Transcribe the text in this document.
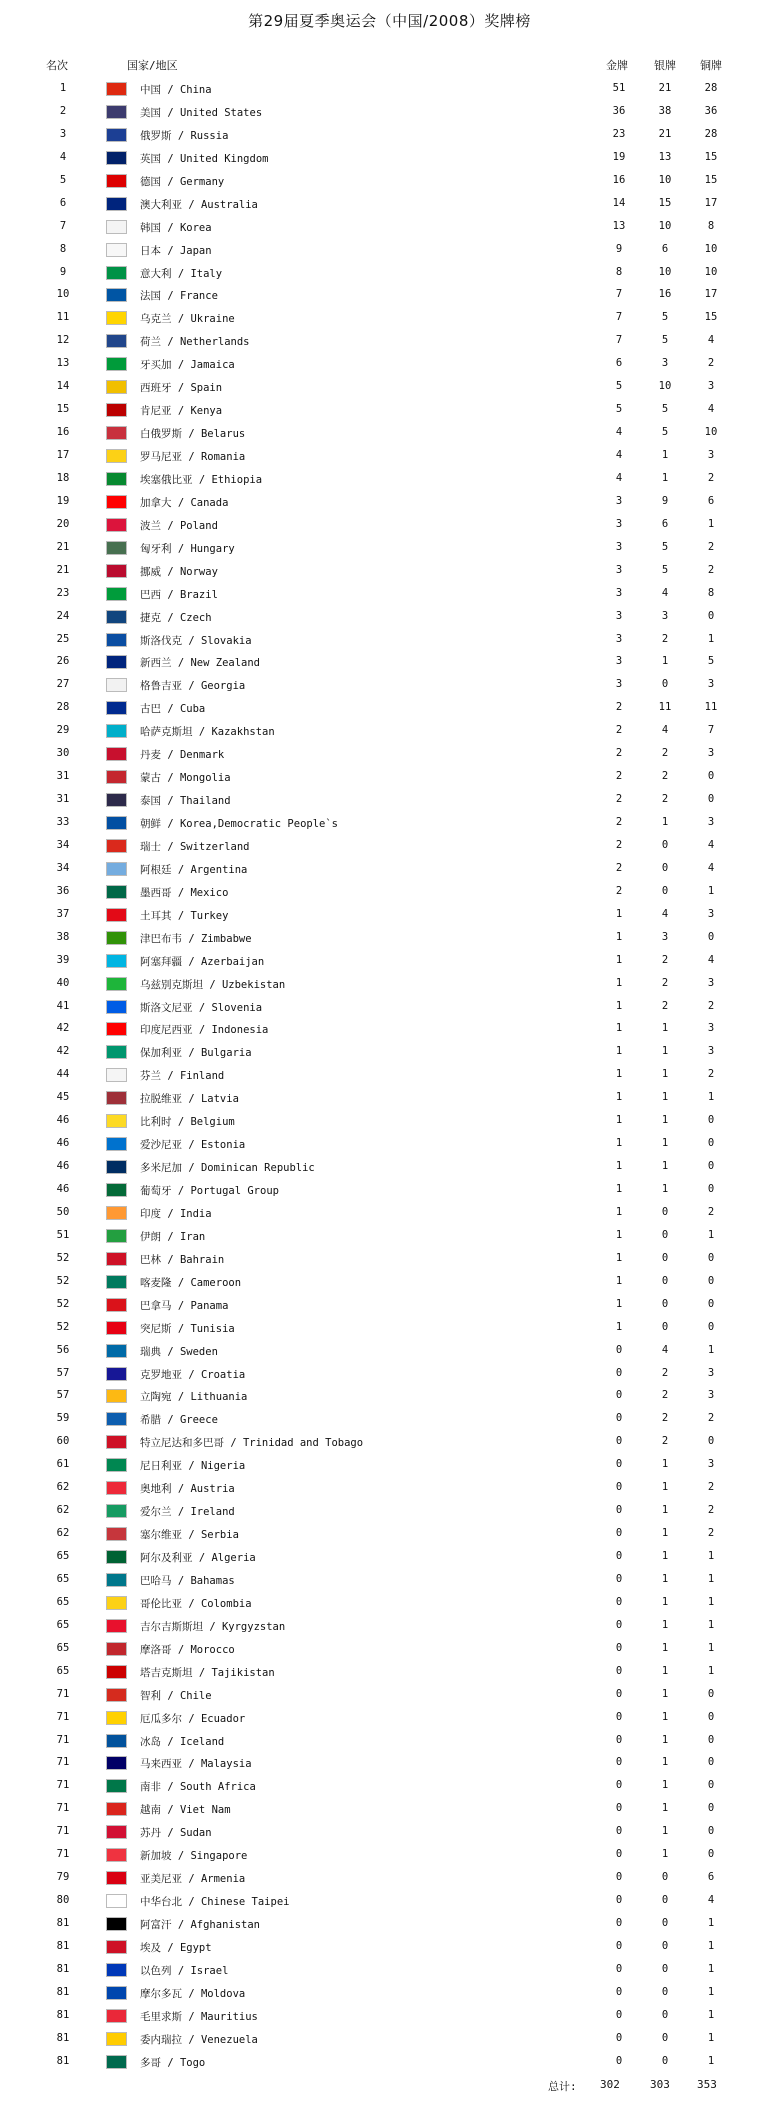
第29届夏季奥运会（中国/2008）奖牌榜
名次	国家/地区	金牌 银牌 铜牌
1	中国 / China	51	21	28
2	美国 / United States	36	38	36
3	俄罗斯 / Russia	23	21	28
4	英国 / United Kingdom	19	13	15
5	德国 / Germany	16	10	15
6	澳大利亚 / Australia	14	15	17
7	韩国 / Korea	13	10	8
8	日本 / Japan	9	6	10
9	意大利 / Italy	8	10	10
10	法国 / France	7	16	17
11	乌克兰 / Ukraine	7	5	15
12	荷兰 / Netherlands	7	5	4
13	牙买加 / Jamaica	6	3	2
14	西班牙 / Spain	5	10	3
15	肯尼亚 / Kenya	5	5	4
16	白俄罗斯 / Belarus	4	5	10
17	罗马尼亚 / Romania	4	1	3
18	埃塞俄比亚 / Ethiopia	4	1	2
19	加拿大 / Canada	3	9	6
20	波兰 / Poland	3	6	1
21	匈牙利 / Hungary	3	5	2
21	挪威 / Norway	3	5	2
23	巴西 / Brazil	3	4	8
24	捷克 / Czech	3	3	0
25	斯洛伐克 / Slovakia	3	2	1
26	新西兰 / New Zealand	3	1	5
27	格鲁吉亚 / Georgia	3	0	3
28	古巴 / Cuba	2	11	11
29	哈萨克斯坦 / Kazakhstan	2	4	7
30	丹麦 / Denmark	2	2	3
31	蒙古 / Mongolia	2	2	0
31	泰国 / Thailand	2	2	0
33	朝鲜 / Korea,Democratic People`s	2	1	3
34	瑞士 / Switzerland	2	0	4
34	阿根廷 / Argentina	2	0	4
36	墨西哥 / Mexico	2	0	1
37	土耳其 / Turkey	1	4	3
38	津巴布韦 / Zimbabwe	1	3	0
39	阿塞拜疆 / Azerbaijan	1	2	4
40	乌兹别克斯坦 / Uzbekistan	1	2	3
41	斯洛文尼亚 / Slovenia	1	2	2
42	印度尼西亚 / Indonesia	1	1	3
42	保加利亚 / Bulgaria	1	1	3
44	芬兰 / Finland	1	1	2
45	拉脱维亚 / Latvia	1	1	1
46	比利时 / Belgium	1	1	0
46	爱沙尼亚 / Estonia	1	1	0
46	多米尼加 / Dominican Republic	1	1	0
46	葡萄牙 / Portugal Group	1	1	0
50	印度 / India	1	0	2
51	伊朗 / Iran	1	0	1
52	巴林 / Bahrain	1	0	0
52	喀麦隆 / Cameroon	1	0	0
52	巴拿马 / Panama	1	0	0
52	突尼斯 / Tunisia	1	0	0
56	瑞典 / Sweden	0	4	1
57	克罗地亚 / Croatia	0	2	3
57	立陶宛 / Lithuania	0	2	3
59	希腊 / Greece	0	2	2
60	特立尼达和多巴哥 / Trinidad and Tobago	0	2	0
61	尼日利亚 / Nigeria	0	1	3
62	奥地利 / Austria	0	1	2
62	爱尔兰 / Ireland	0	1	2
62	塞尔维亚 / Serbia	0	1	2
65	阿尔及利亚 / Algeria	0	1	1
65	巴哈马 / Bahamas	0	1	1
65	哥伦比亚 / Colombia	0	1	1
65	吉尔吉斯斯坦 / Kyrgyzstan	0	1	1
65	摩洛哥 / Morocco	0	1	1
65	塔吉克斯坦 / Tajikistan	0	1	1
71	智利 / Chile	0	1	0
71	厄瓜多尔 / Ecuador	0	1	0
71	冰岛 / Iceland	0	1	0
71	马来西亚 / Malaysia	0	1	0
71	南非 / South Africa	0	1	0
71	越南 / Viet Nam	0	1	0
71	苏丹 / Sudan	0	1	0
71	新加坡 / Singapore	0	1	0
79	亚美尼亚 / Armenia	0	0	6
80	中华台北 / Chinese Taipei	0	0	4
81	阿富汗 / Afghanistan	0	0	1
81	埃及 / Egypt	0	0	1
81	以色列 / Israel	0	0	1
81	摩尔多瓦 / Moldova	0	0	1
81	毛里求斯 / Mauritius	0	0	1
81	委内瑞拉 / Venezuela	0	0	1
81	多哥 / Togo	0	0	1
总计: 302	303 353
